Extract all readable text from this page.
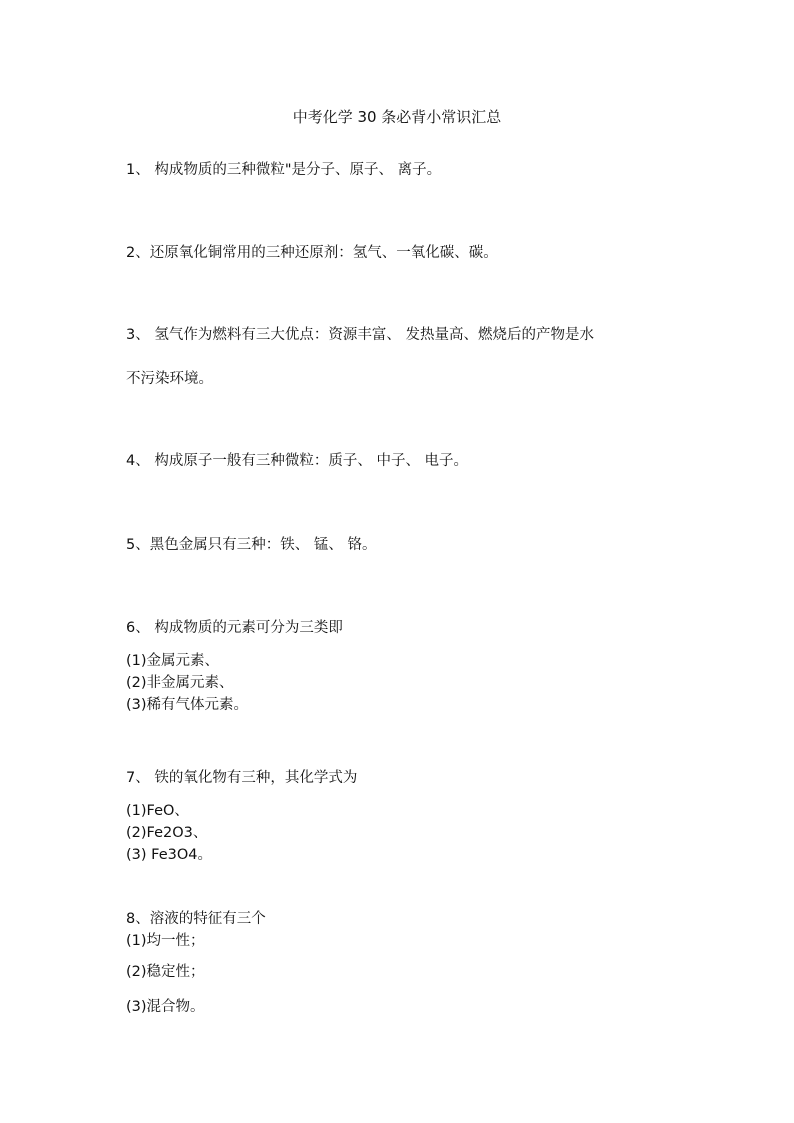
中考化学 30 条必背小常识汇总
1、 构成物质的三种微粒"是分子、原子、 离子。
2、还原氧化铜常用的三种还原剂：氢气、一氧化碳、碳。
3、 氢气作为燃料有三大优点：资源丰富、 发热量高、燃烧后的产物是水
不污染环境。
4、 构成原子一般有三种微粒：质子、 中子、 电子。
5、黑色金属只有三种：铁、 锰、 铬。
6、 构成物质的元素可分为三类即
(1)金属元素、
(2)非金属元素、
(3)稀有气体元素。
7、 铁的氧化物有三种，其化学式为
(1)FeO、
(2)Fe2O3、
(3) Fe3O4。
8、溶液的特征有三个
(1)均一性；
(2)稳定性；
(3)混合物。
